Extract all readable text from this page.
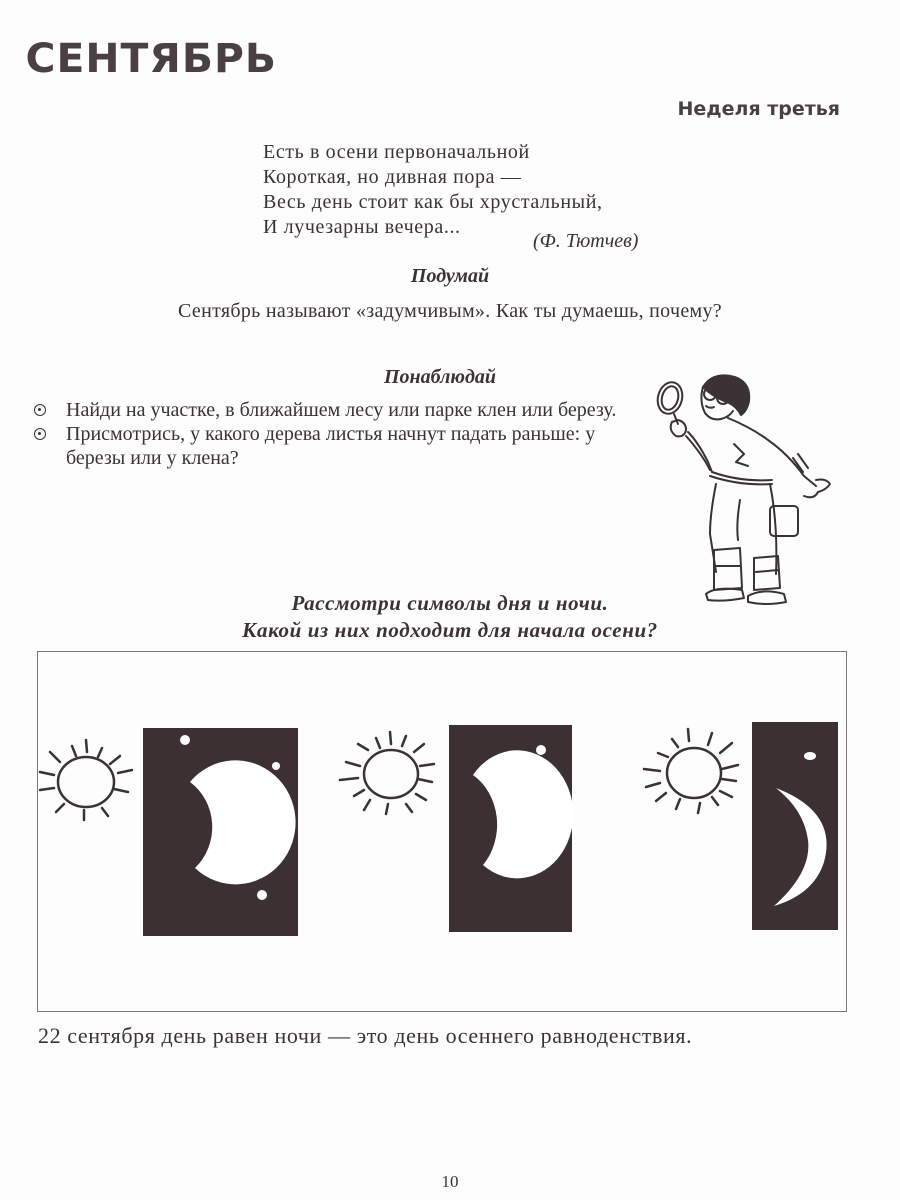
СЕНТЯБРЬ
Неделя третья
Есть в осени первоначальной
Короткая, но дивная пора —
Весь день стоит как бы хрустальный,
И лучезарны вечера...
(Ф. Тютчев)
Подумай
Сентябрь называют «задумчивым». Как ты думаешь, почему?
Понаблюдай

Найди на участке, в ближайшем лесу или парке клен или березу.

Присмотрись, у какого дерева листья начнут падать раньше: у березы или у клена?

Рассмотри символы дня и ночи.
Какой из них подходит для начала осени?
22 сентября день равен ночи — это день осеннего равноденствия.
10
